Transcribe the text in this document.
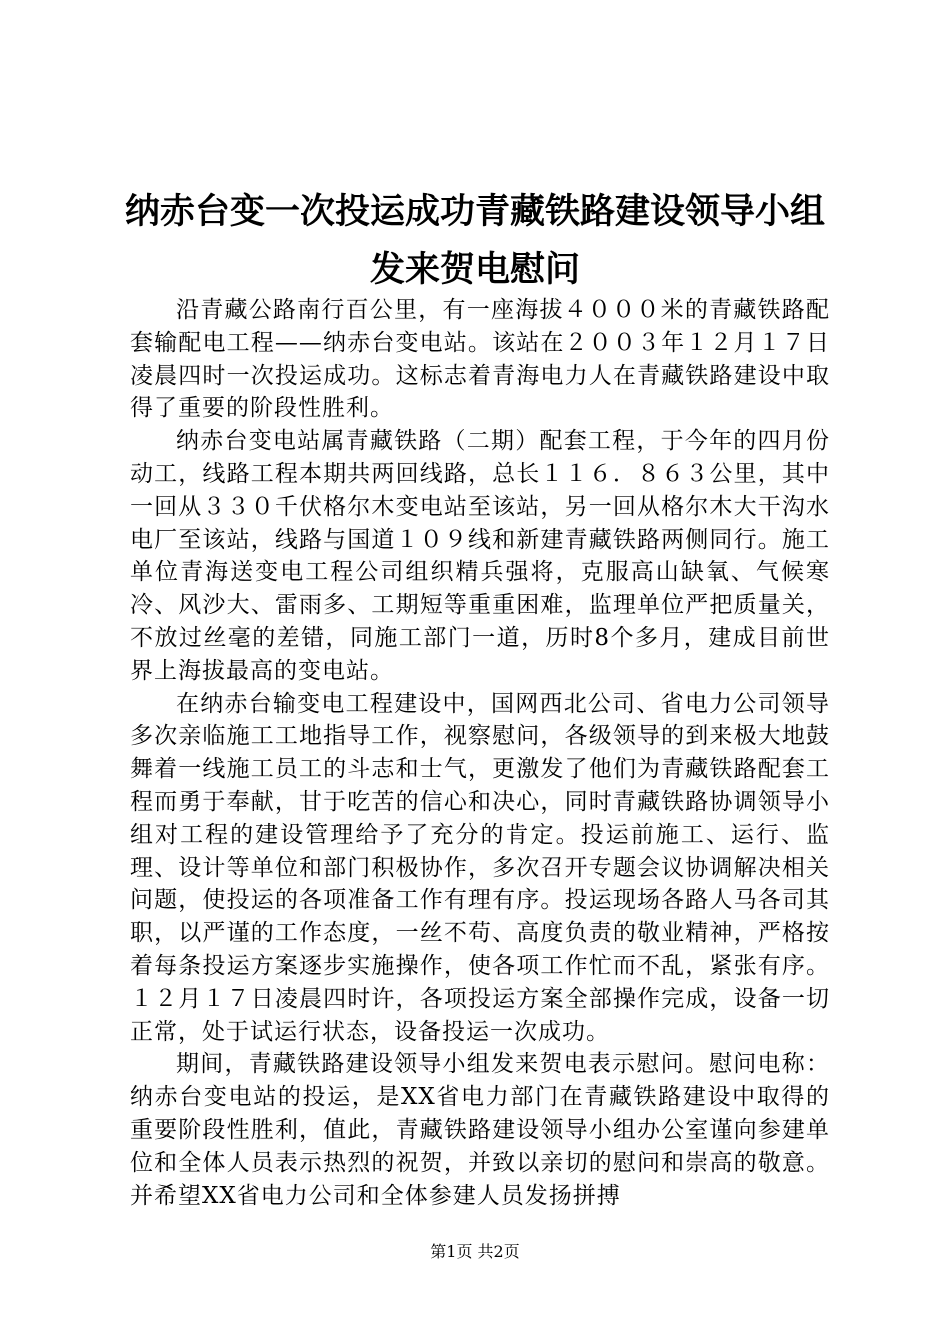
纳赤台变一次投运成功青藏铁路建设领导小组
发来贺电慰问

沿青藏公路南行百公里，有一座海拔４０００米的青藏铁路配套输配电工程——纳赤台变电站。该站在２００３年１２月１７日凌晨四时一次投运成功。这标志着青海电力人在青藏铁路建设中取得了重要的阶段性胜利。

纳赤台变电站属青藏铁路（二期）配套工程，于今年的四月份动工，线路工程本期共两回线路，总长１１６．８６３公里，其中一回从３３０千伏格尔木变电站至该站，另一回从格尔木大干沟水电厂至该站，线路与国道１０９线和新建青藏铁路两侧同行。施工单位青海送变电工程公司组织精兵强将，克服高山缺氧、气候寒冷、风沙大、雷雨多、工期短等重重困难，监理单位严把质量关，不放过丝毫的差错，同施工部门一道，历时8个多月，建成目前世界上海拔最高的变电站。

在纳赤台输变电工程建设中，国网西北公司、省电力公司领导多次亲临施工工地指导工作，视察慰问，各级领导的到来极大地鼓舞着一线施工员工的斗志和士气，更激发了他们为青藏铁路配套工程而勇于奉献，甘于吃苦的信心和决心，同时青藏铁路协调领导小组对工程的建设管理给予了充分的肯定。投运前施工、运行、监理、设计等单位和部门积极协作，多次召开专题会议协调解决相关问题，使投运的各项准备工作有理有序。投运现场各路人马各司其职，以严谨的工作态度，一丝不苟、高度负责的敬业精神，严格按着每条投运方案逐步实施操作，使各项工作忙而不乱，紧张有序。１２月１７日凌晨四时许，各项投运方案全部操作完成，设备一切正常，处于试运行状态，设备投运一次成功。

期间，青藏铁路建设领导小组发来贺电表示慰问。慰问电称：纳赤台变电站的投运，是XX省电力部门在青藏铁路建设中取得的重要阶段性胜利，值此，青藏铁路建设领导小组办公室谨向参建单位和全体人员表示热烈的祝贺，并致以亲切的慰问和崇高的敬意。并希望XX省电力公司和全体参建人员发扬拼搏

第1页 共2页
